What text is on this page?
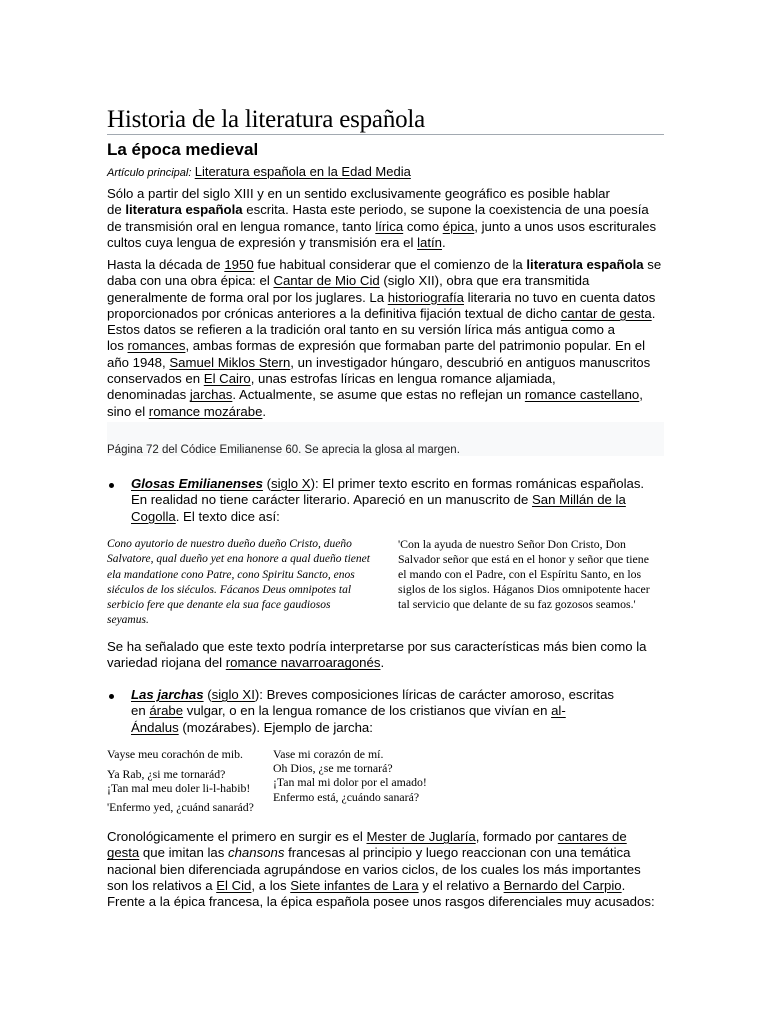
Historia de la literatura española
La época medieval
Artículo principal: Literatura española en la Edad Media
Sólo a partir del siglo XIII y en un sentido exclusivamente geográfico es posible hablar
de literatura española escrita. Hasta este periodo, se supone la coexistencia de una poesía
de transmisión oral en lengua romance, tanto lírica como épica, junto a unos usos escriturales
cultos cuya lengua de expresión y transmisión era el latín.
Hasta la década de 1950 fue habitual considerar que el comienzo de la literatura española se
daba con una obra épica: el Cantar de Mio Cid (siglo XII), obra que era transmitida
generalmente de forma oral por los juglares. La historiografía literaria no tuvo en cuenta datos
proporcionados por crónicas anteriores a la definitiva fijación textual de dicho cantar de gesta.
Estos datos se refieren a la tradición oral tanto en su versión lírica más antigua como a
los romances, ambas formas de expresión que formaban parte del patrimonio popular. En el
año 1948, Samuel Miklos Stern, un investigador húngaro, descubrió en antiguos manuscritos
conservados en El Cairo, unas estrofas líricas en lengua romance aljamiada,
denominadas jarchas. Actualmente, se asume que estas no reflejan un romance castellano,
sino el romance mozárabe.
Página 72 del Códice Emilianense 60. Se aprecia la glosa al margen.
Glosas Emilianenses (siglo X): El primer texto escrito en formas románicas españolas.
En realidad no tiene carácter literario. Apareció en un manuscrito de San Millán de la
Cogolla. El texto dice así:
Cono ayutorio de nuestro dueño dueño Cristo, dueño
Salvatore, qual dueño yet ena honore a qual dueño tienet
ela mandatione cono Patre, cono Spiritu Sancto, enos
siéculos de los siéculos. Fácanos Deus omnipotes tal
serbicio fere que denante ela sua face gaudiosos
seyamus.
'Con la ayuda de nuestro Señor Don Cristo, Don
Salvador señor que está en el honor y señor que tiene
el mando con el Padre, con el Espíritu Santo, en los
siglos de los siglos. Háganos Dios omnipotente hacer
tal servicio que delante de su faz gozosos seamos.'
Se ha señalado que este texto podría interpretarse por sus características más bien como la
variedad riojana del romance navarroaragonés.
Las jarchas (siglo XI): Breves composiciones líricas de carácter amoroso, escritas
en árabe vulgar, o en la lengua romance de los cristianos que vivían en al-
Ándalus (mozárabes). Ejemplo de jarcha:
Vayse meu corachón de mib.
Ya Rab, ¿si me tornarád?
¡Tan mal meu doler li-l-habib!
'Enfermo yed, ¿cuánd sanarád?
Vase mi corazón de mí.
Oh Dios, ¿se me tornará?
¡Tan mal mi dolor por el amado!
Enfermo está, ¿cuándo sanará?
Cronológicamente el primero en surgir es el Mester de Juglaría, formado por cantares de
gesta que imitan las chansons francesas al principio y luego reaccionan con una temática
nacional bien diferenciada agrupándose en varios ciclos, de los cuales los más importantes
son los relativos a El Cid, a los Siete infantes de Lara y el relativo a Bernardo del Carpio.
Frente a la épica francesa, la épica española posee unos rasgos diferenciales muy acusados:
